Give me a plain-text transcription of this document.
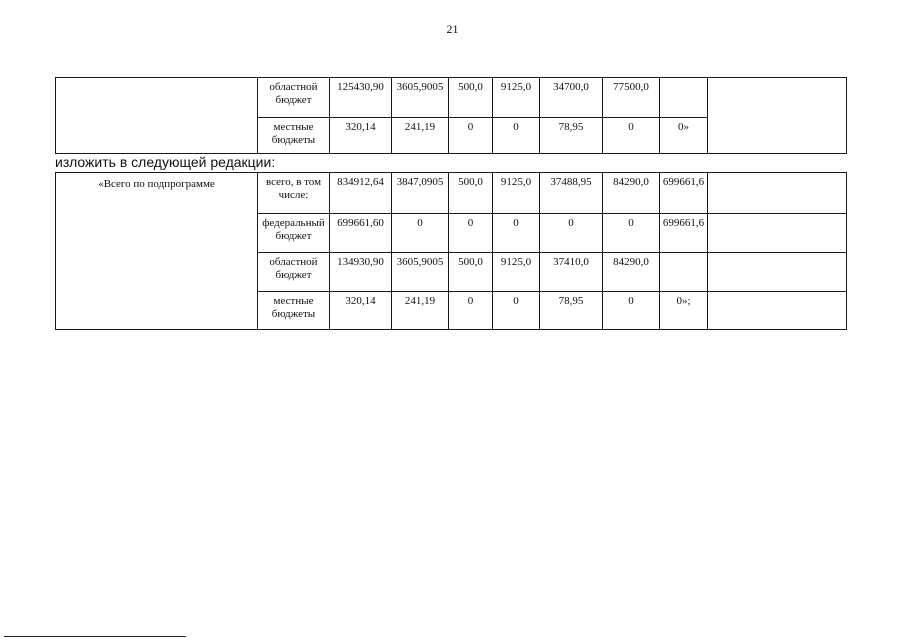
21
	областной бюджет	125430,90	3605,9005	500,0	9125,0	34700,0	77500,0		
	местные бюджеты	320,14	241,19	0	0	78,95	0	0»	
изложить в следующей редакции:
«Всего по подпрограмме	всего, в том числе:	834912,64	3847,0905	500,0	9125,0	37488,95	84290,0	699661,6	
	федеральный бюджет	699661,60	0	0	0	0	0	699661,6	
	областной бюджет	134930,90	3605,9005	500,0	9125,0	37410,0	84290,0		
	местные бюджеты	320,14	241,19	0	0	78,95	0	0»;	
